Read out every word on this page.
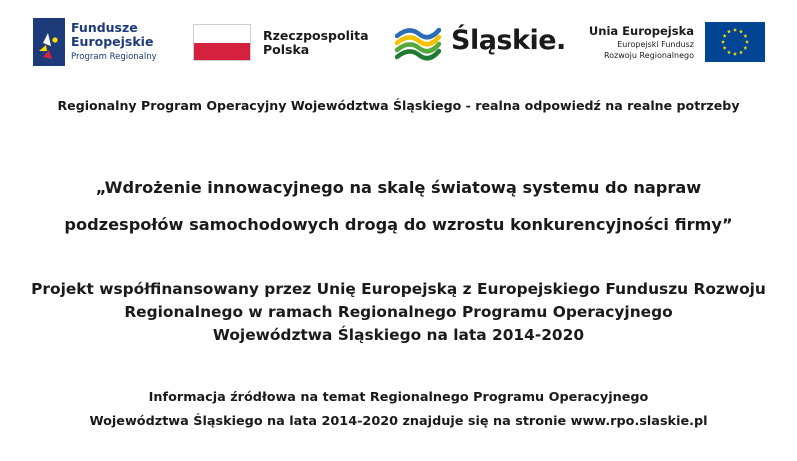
Fundusze
Europejskie
Program Regionalny
Rzeczpospolita
Polska	Śląskie. Unia Europejska
Europejski Fundusz
Rozwoju Regionalnego
Regionalny Program Operacyjny Województwa Śląskiego - realna odpowiedź na realne potrzeby
„Wdrożenie innowacyjnego na skalę światową systemu do napraw
podzespołów samochodowych drogą do wzrostu konkurencyjności firmy”
Projekt współfinansowany przez Unię Europejską z Europejskiego Funduszu Rozwoju
Regionalnego w ramach Regionalnego Programu Operacyjnego
Województwa Śląskiego na lata 2014-2020
Informacja źródłowa na temat Regionalnego Programu Operacyjnego
Województwa Śląskiego na lata 2014-2020 znajduje się na stronie www.rpo.slaskie.pl
